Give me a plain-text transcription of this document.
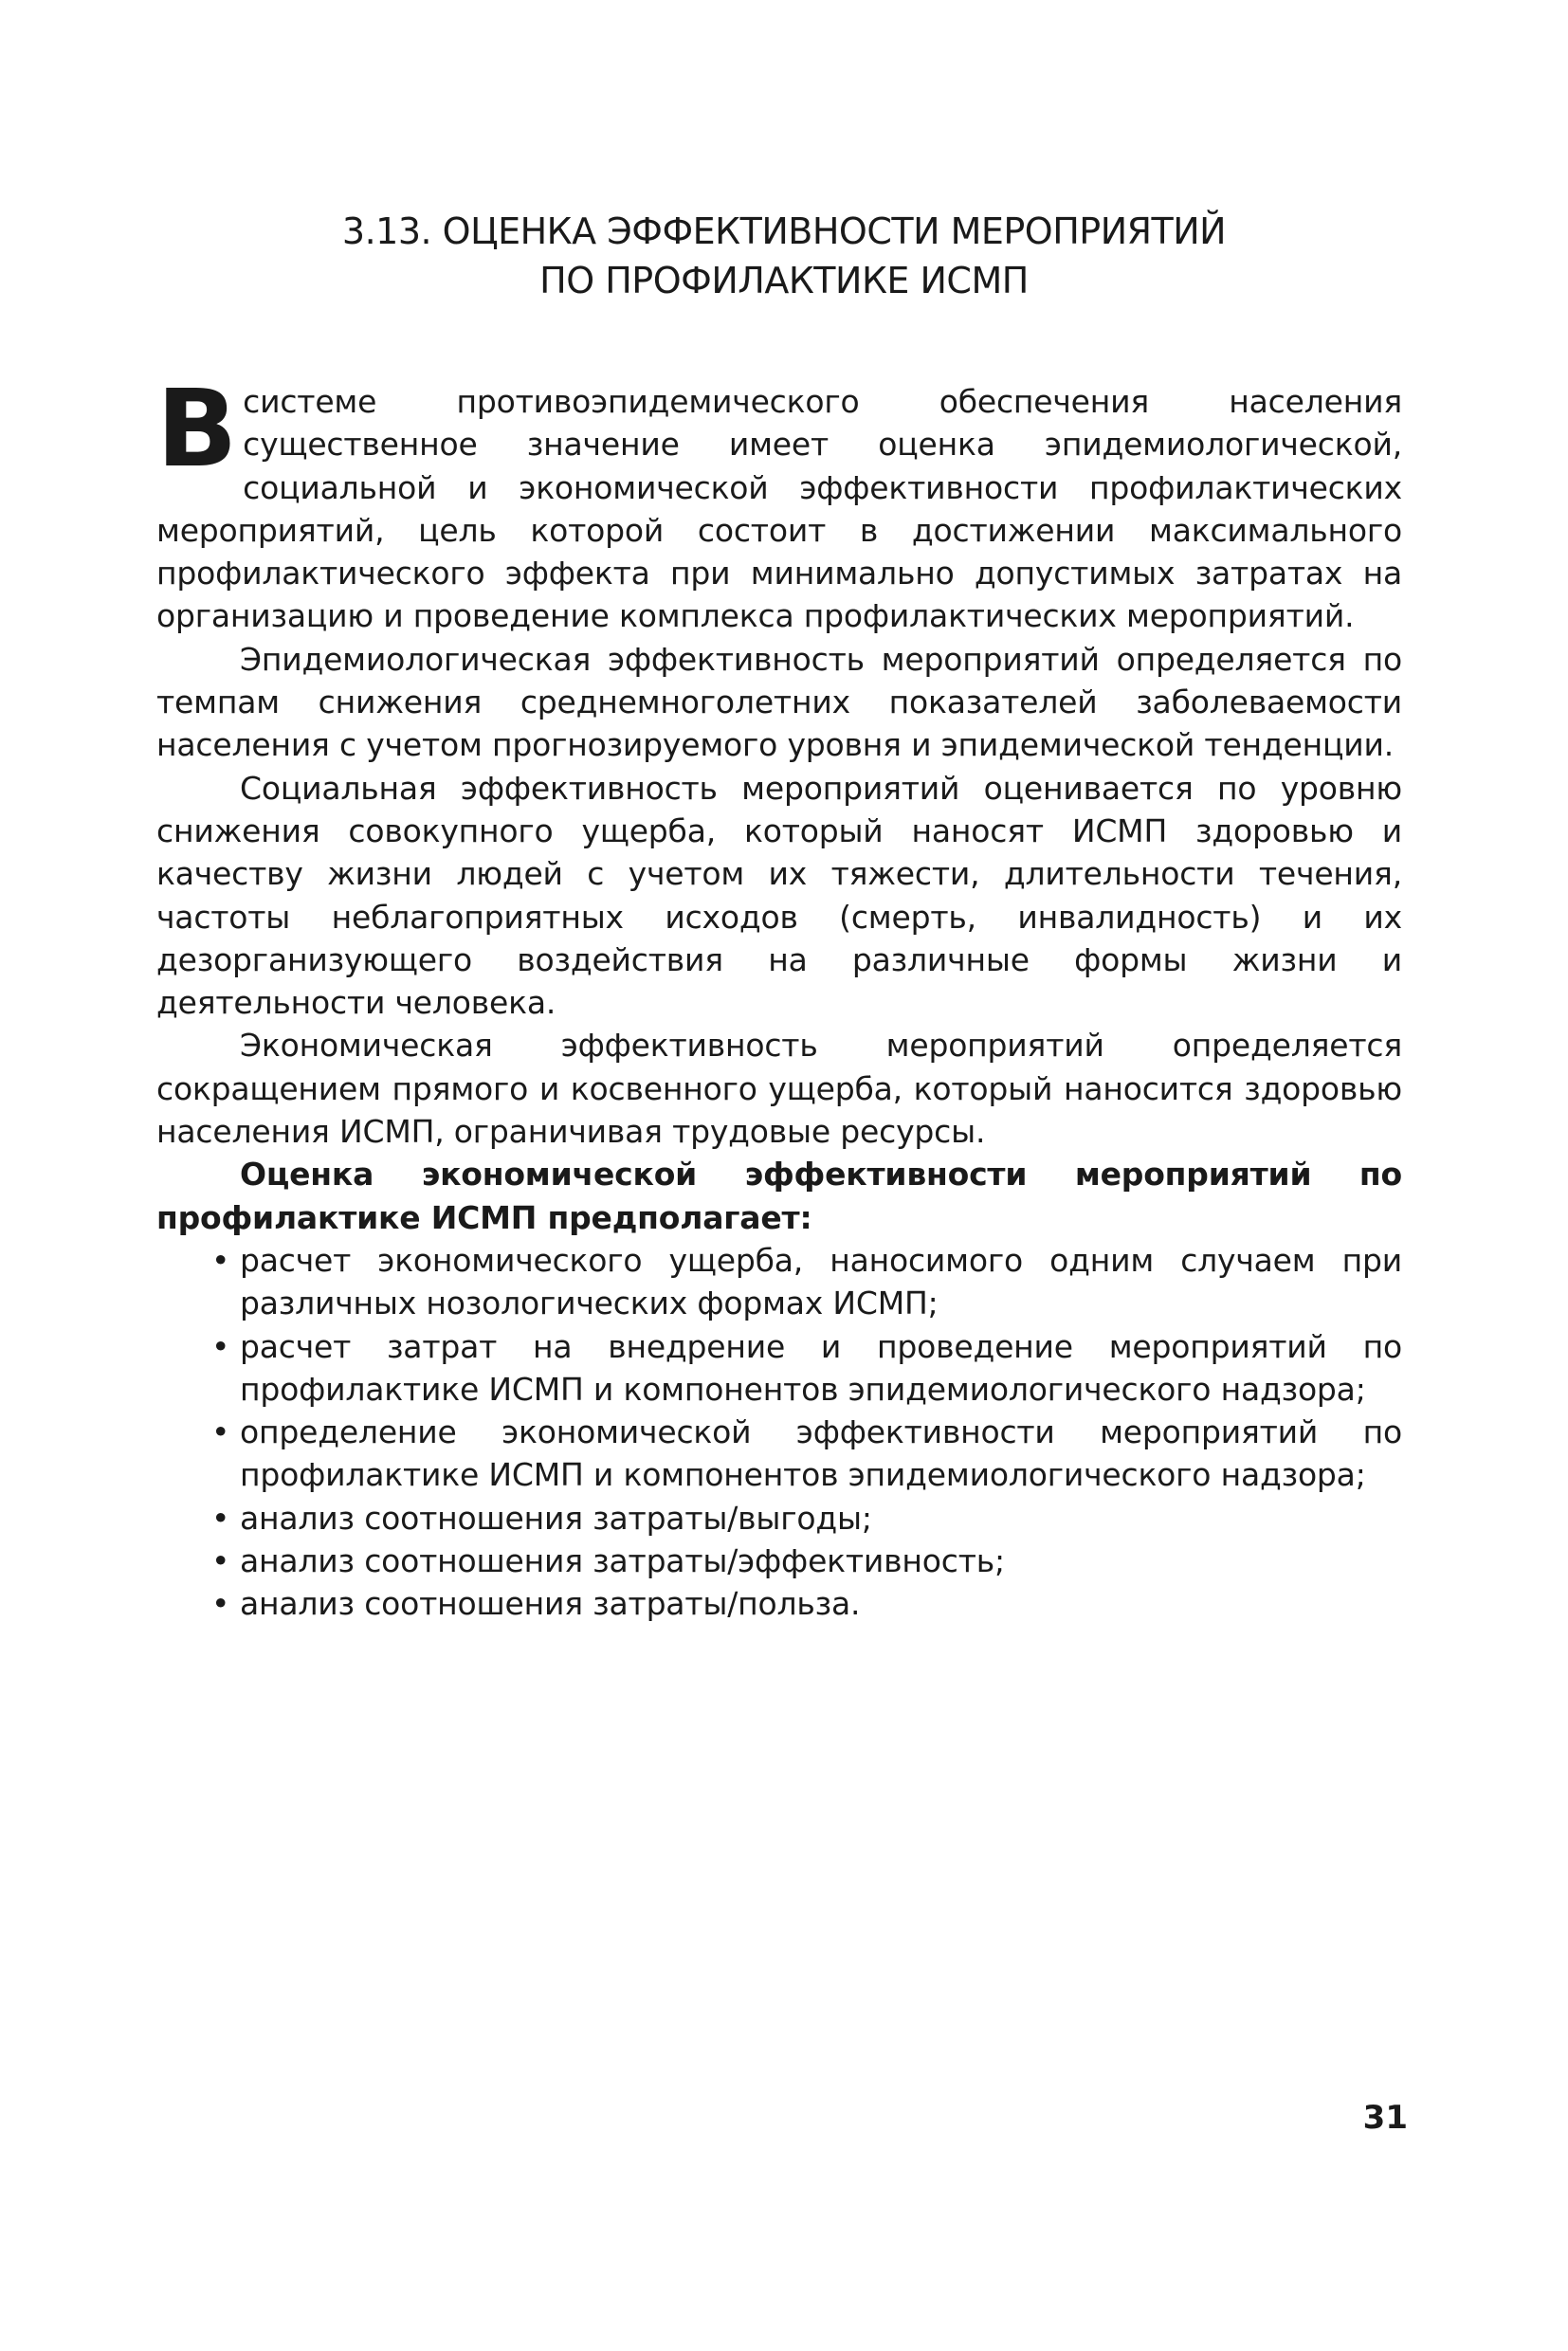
3.13. ОЦЕНКА ЭФФЕКТИВНОСТИ МЕРОПРИЯТИЙ
ПО ПРОФИЛАКТИКЕ ИСМП

В системе противоэпидемического обеспечения населения существенное значение имеет оценка эпидемиологической, социальной и экономической эффективности профилактических мероприятий, цель которой состоит в достижении максимального профилактического эффекта при минимально допустимых затратах на организацию и проведение комплекса профилактических мероприятий.

Эпидемиологическая эффективность мероприятий определяется по темпам снижения среднемноголетних показателей заболеваемости населения с учетом прогнозируемого уровня и эпидемической тенденции.

Социальная эффективность мероприятий оценивается по уровню снижения совокупного ущерба, который наносят ИСМП здоровью и качеству жизни людей с учетом их тяжести, длительности течения, частоты неблагоприятных исходов (смерть, инвалидность) и их дезорганизующего воздействия на различные формы жизни и деятельности человека.

Экономическая эффективность мероприятий определяется сокращением прямого и косвенного ущерба, который наносится здоровью населения ИСМП, ограничивая трудовые ресурсы.

Оценка экономической эффективности мероприятий по профилактике ИСМП предполагает:

• расчет экономического ущерба, наносимого одним случаем при различных нозологических формах ИСМП;
• расчет затрат на внедрение и проведение мероприятий по профилактике ИСМП и компонентов эпидемиологического надзора;
• определение экономической эффективности мероприятий по профилактике ИСМП и компонентов эпидемиологического надзора;
• анализ соотношения затраты/выгоды;
• анализ соотношения затраты/эффективность;
• анализ соотношения затраты/польза.
31
